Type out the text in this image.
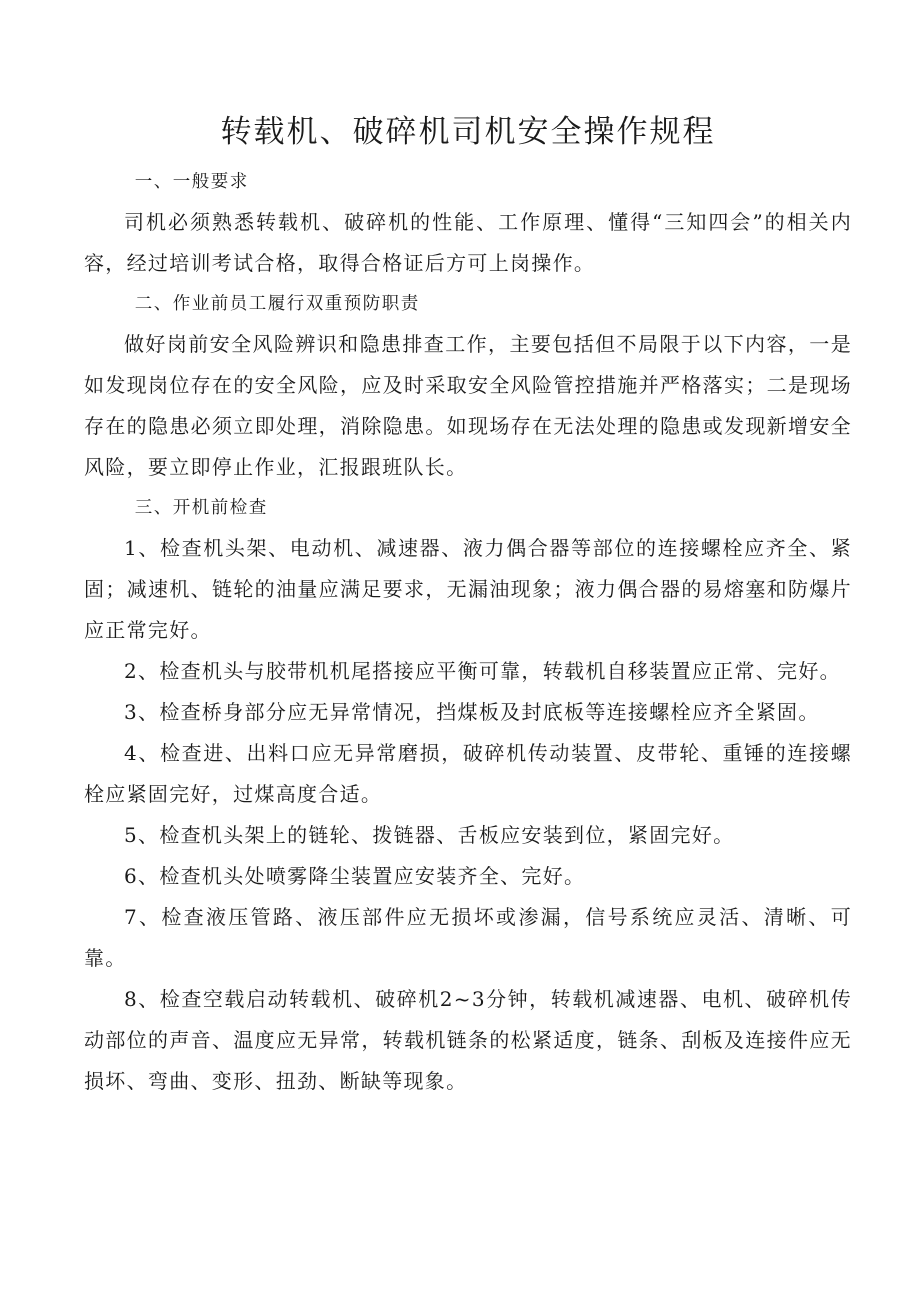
转载机、破碎机司机安全操作规程

一、一般要求

司机必须熟悉转载机、破碎机的性能、工作原理、懂得“三知四会”的相关内容，经过培训考试合格，取得合格证后方可上岗操作。

二、作业前员工履行双重预防职责

做好岗前安全风险辨识和隐患排查工作，主要包括但不局限于以下内容，一是如发现岗位存在的安全风险，应及时采取安全风险管控措施并严格落实；二是现场存在的隐患必须立即处理，消除隐患。如现场存在无法处理的隐患或发现新增安全风险，要立即停止作业，汇报跟班队长。

三、开机前检查

1、检查机头架、电动机、减速器、液力偶合器等部位的连接螺栓应齐全、紧固；减速机、链轮的油量应满足要求，无漏油现象；液力偶合器的易熔塞和防爆片应正常完好。

2、检查机头与胶带机机尾搭接应平衡可靠，转载机自移装置应正常、完好。

3、检查桥身部分应无异常情况，挡煤板及封底板等连接螺栓应齐全紧固。

4、检查进、出料口应无异常磨损，破碎机传动装置、皮带轮、重锤的连接螺栓应紧固完好，过煤高度合适。

5、检查机头架上的链轮、拨链器、舌板应安装到位，紧固完好。

6、检查机头处喷雾降尘装置应安装齐全、完好。

7、检查液压管路、液压部件应无损坏或渗漏，信号系统应灵活、清晰、可靠。

8、检查空载启动转载机、破碎机2~3分钟，转载机减速器、电机、破碎机传动部位的声音、温度应无异常，转载机链条的松紧适度，链条、刮板及连接件应无损坏、弯曲、变形、扭劲、断缺等现象。
